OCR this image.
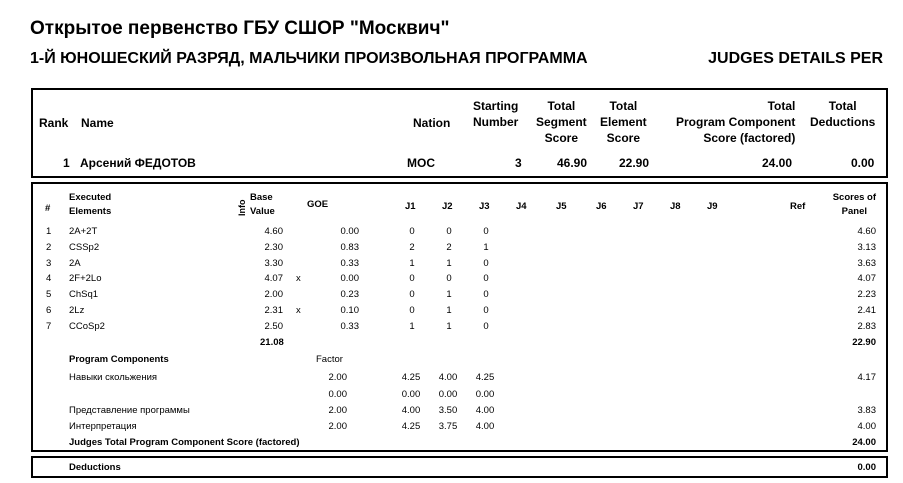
Открытое первенство ГБУ СШОР "Москвич"
1-Й ЮНОШЕСКИЙ РАЗРЯД, МАЛЬЧИКИ ПРОИЗВОЛЬНАЯ ПРОГРАММА	JUDGES DETAILS PER
Rank Name	Nation
Starting
Number
Total
Segment
Score
Total
Element
Score
Total
Program Component
Score (factored)
Total
Deductions
1 Арсений ФЕДОТОВ	MOC	3	46.90	22.90	24.00	0.00
#
Executed
Elements	Info
Base
Value
GOE	J1	J2	J3	J4	J5	J6	J7	J8	J9	Ref
Scores of
Panel
1 2A+2T	4.60	0.00	0	0	0	4.60
2 CSSp2	2.30	0.83	2	2	1	3.13
3 2A	3.30	0.33	1	1	0	3.63
4 2F+2Lo	4.07 x	0.00	0	0	0	4.07
5 ChSq1	2.00	0.23	0	1	0	2.23
6 2Lz	2.31 x	0.10	0	1	0	2.41
7 CCoSp2	2.50	0.33	1	1	0	2.83
21.08	22.90
Program Components	Factor
Навыки скольжения	2.00	4.25	4.00	4.25	4.17
0.00	0.00	0.00	0.00
Представление программы	2.00	4.00	3.50	4.00	3.83
Интерпретация	2.00	4.25	3.75	4.00	4.00
Judges Total Program Component Score (factored)	24.00
Deductions	0.00
